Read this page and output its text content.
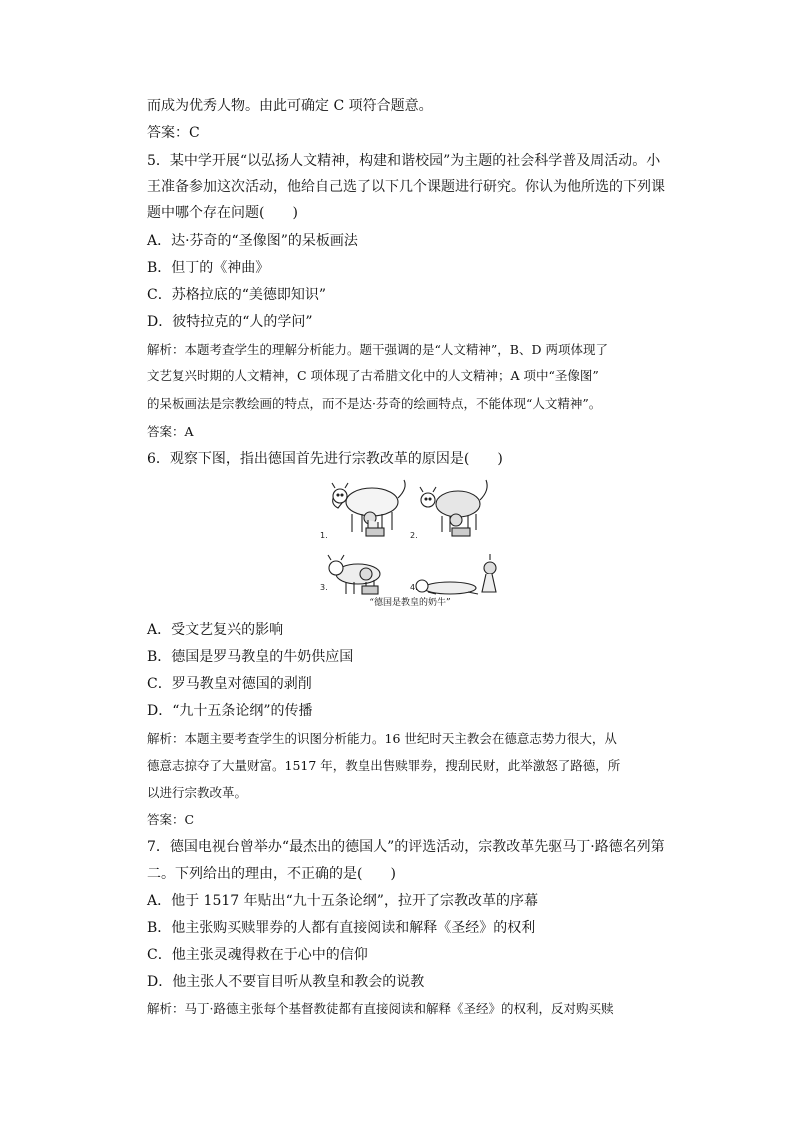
而成为优秀人物。由此可确定 C 项符合题意。
答案：C
5．某中学开展“以弘扬人文精神，构建和谐校园”为主题的社会科学普及周活动。小
王准备参加这次活动，他给自己选了以下几个课题进行研究。你认为他所选的下列课
题中哪个存在问题(　　)
A．达·芬奇的“圣像图”的呆板画法
B．但丁的《神曲》
C．苏格拉底的“美德即知识”
D．彼特拉克的“人的学问”
解析：本题考查学生的理解分析能力。题干强调的是“人文精神”，B、D 两项体现了
文艺复兴时期的人文精神，C 项体现了古希腊文化中的人文精神；A 项中“圣像图”
的呆板画法是宗教绘画的特点，而不是达·芬奇的绘画特点，不能体现“人文精神”。
答案：A
6．观察下图，指出德国首先进行宗教改革的原因是(　　)
1.	2.
3.	4.
“德国是教皇的奶牛”
A．受文艺复兴的影响
B．德国是罗马教皇的牛奶供应国
C．罗马教皇对德国的剥削
D．“九十五条论纲”的传播
解析：本题主要考查学生的识图分析能力。16 世纪时天主教会在德意志势力很大，从
德意志掠夺了大量财富。1517 年，教皇出售赎罪券，搜刮民财，此举激怒了路德，所
以进行宗教改革。
答案：C
7．德国电视台曾举办“最杰出的德国人”的评选活动，宗教改革先驱马丁·路德名列第
二。下列给出的理由，不正确的是(　　)
A．他于 1517 年贴出“九十五条论纲”，拉开了宗教改革的序幕
B．他主张购买赎罪券的人都有直接阅读和解释《圣经》的权利
C．他主张灵魂得救在于心中的信仰
D．他主张人不要盲目听从教皇和教会的说教
解析：马丁·路德主张每个基督教徒都有直接阅读和解释《圣经》的权利，反对购买赎
